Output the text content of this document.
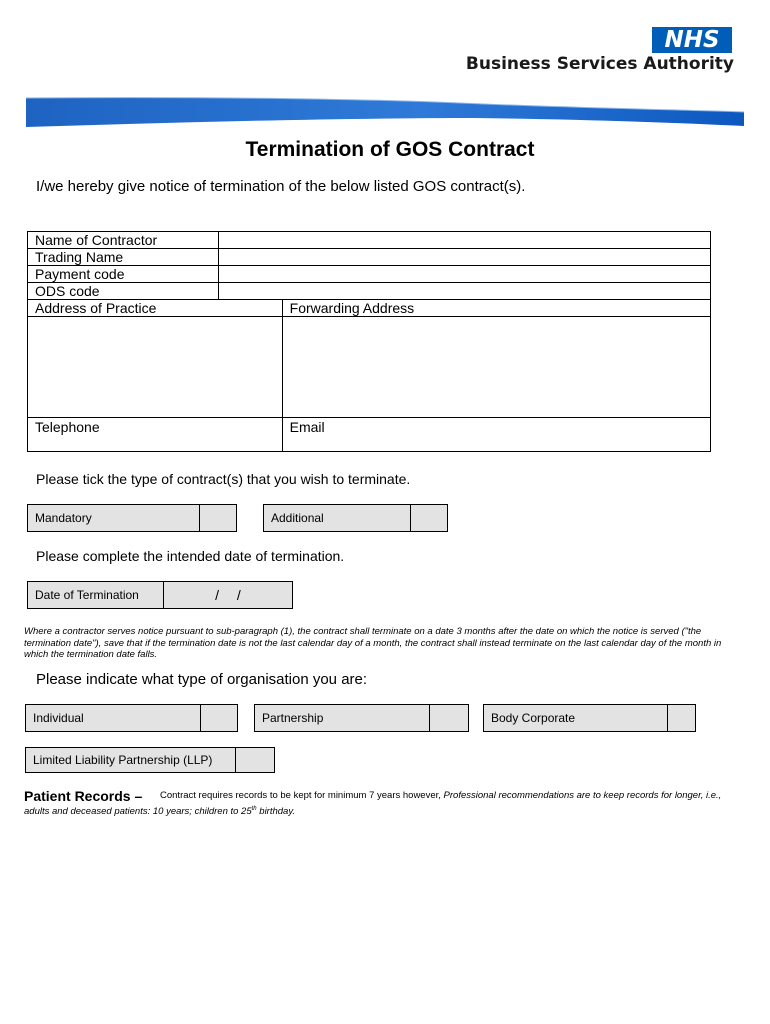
NHS
Business Services Authority
Termination of GOS Contract
I/we hereby give notice of termination of the below listed GOS contract(s).
Name of Contractor		
Trading Name		
Payment code		
ODS code		
Address of Practice		Forwarding Address

Telephone		Email
Please tick the type of contract(s) that you wish to terminate.
Mandatory	Additional
Please complete the intended date of termination.
Date of Termination	/ /
Where a contractor serves notice pursuant to sub-paragraph (1), the contract shall terminate on a date 3 months after the date on which the notice is served ("the termination date"), save that if the termination date is not the last calendar day of a month, the contract shall instead terminate on the last calendar day of the month in which the termination date falls.
Please indicate what type of organisation you are:
Individual	Partnership	Body Corporate
Limited Liability Partnership (LLP)
Patient Records –	Contract requires records to be kept for minimum 7 years however, Professional recommendations are to keep records for longer, i.e., adults and deceased patients: 10 years; children to 25th birthday.
